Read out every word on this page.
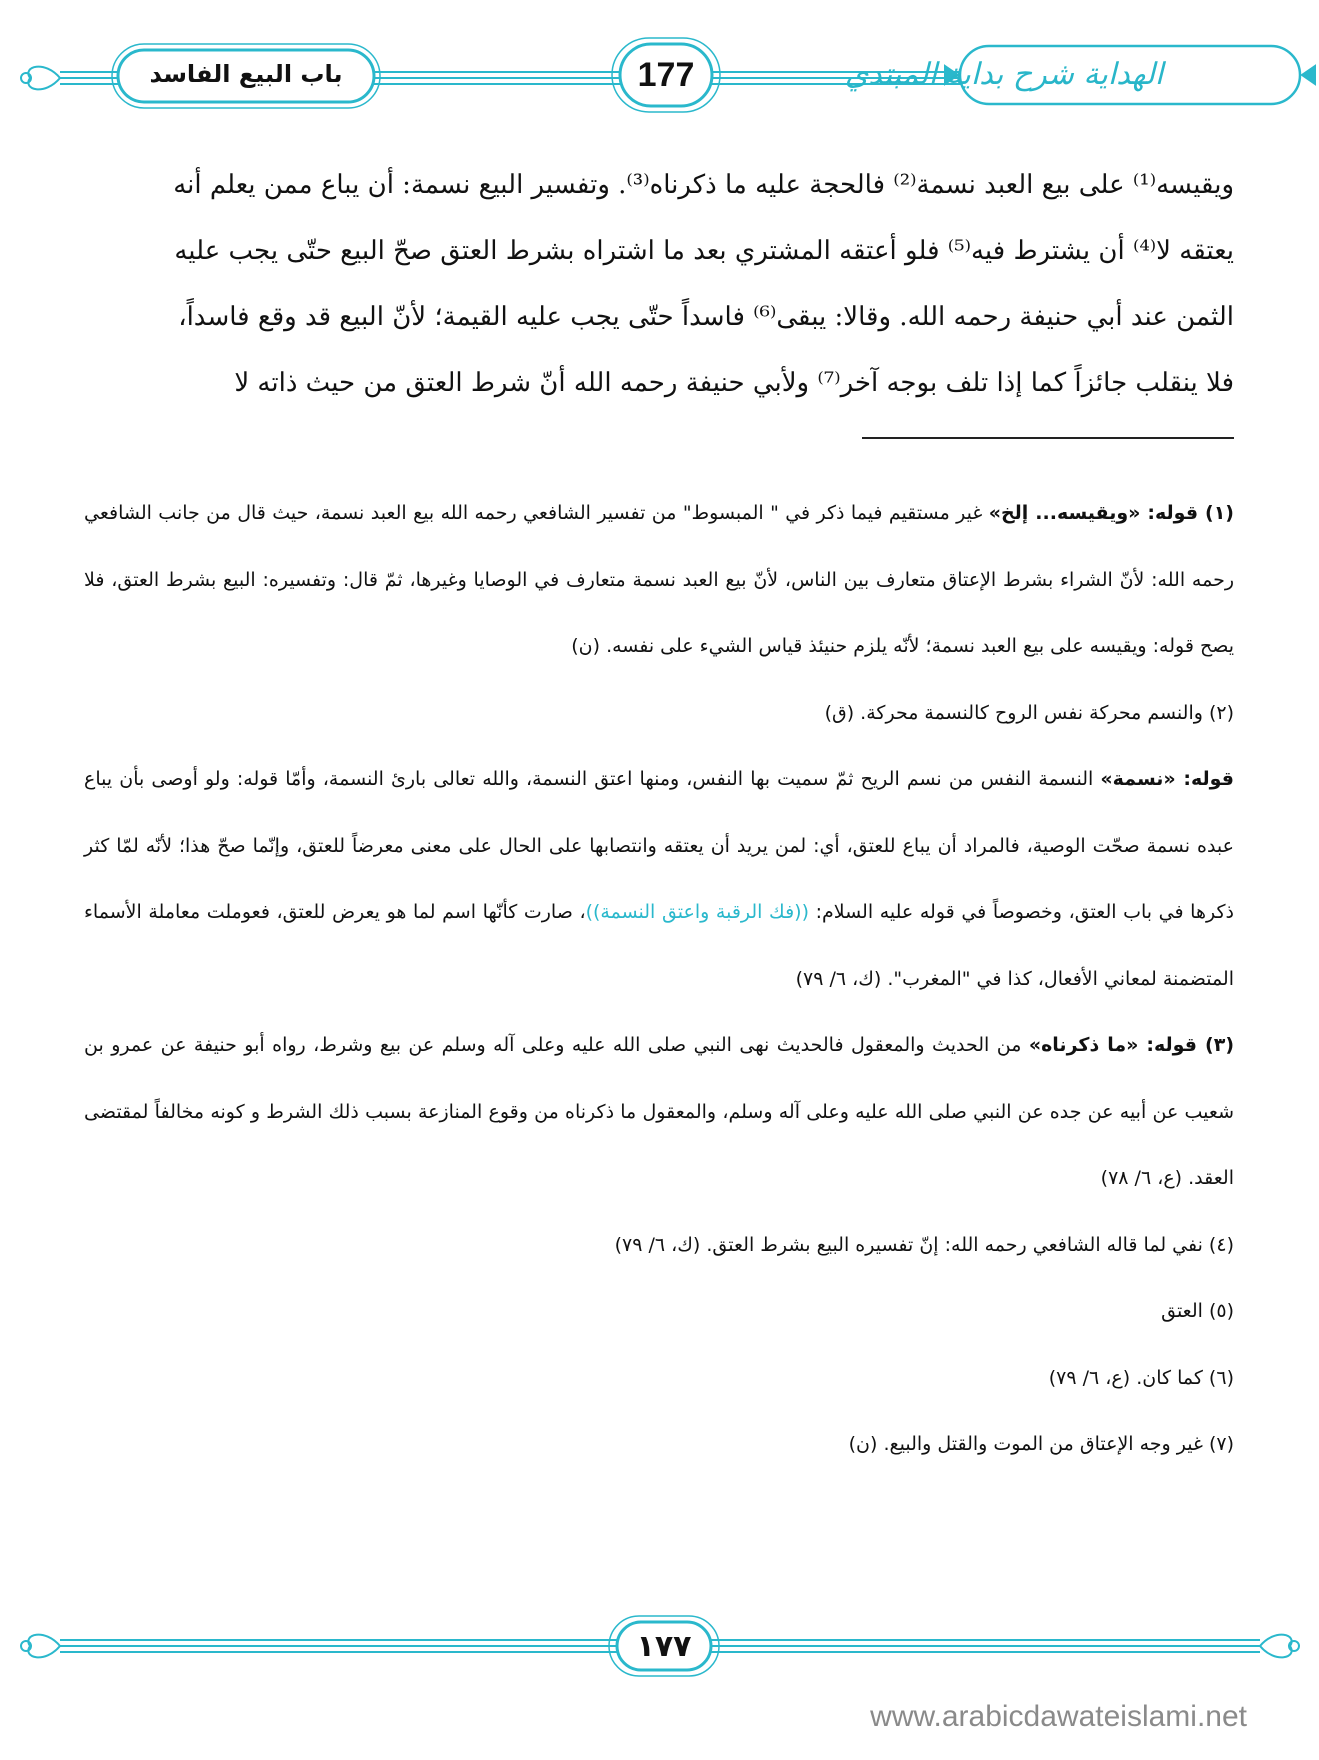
الهداية شرح بداية المبتدي
177
باب البيع الفاسد

ويقيسه⁽¹⁾ على بيع العبد نسمة⁽²⁾ فالحجة عليه ما ذكرناه⁽³⁾. وتفسير البيع نسمة: أن يباع ممن يعلم أنه

يعتقه لا⁽⁴⁾ أن يشترط فيه⁽⁵⁾ فلو أعتقه المشتري بعد ما اشتراه بشرط العتق صحّ البيع حتّى يجب عليه

الثمن عند أبي حنيفة رحمه الله. وقالا: يبقى⁽⁶⁾ فاسداً حتّى يجب عليه القيمة؛ لأنّ البيع قد وقع فاسداً،

فلا ينقلب جائزاً كما إذا تلف بوجه آخر⁽⁷⁾ ولأبي حنيفة رحمه الله أنّ شرط العتق من حيث ذاته لا

(١) قوله: «ويقيسه... إلخ» غير مستقيم فيما ذكر في " المبسوط" من تفسير الشافعي رحمه الله بيع العبد نسمة، حيث قال من جانب الشافعي رحمه الله: لأنّ الشراء بشرط الإعتاق متعارف بين الناس، لأنّ بيع العبد نسمة متعارف في الوصايا وغيرها، ثمّ قال: وتفسيره: البيع بشرط العتق، فلا يصح قوله: ويقيسه على بيع العبد نسمة؛ لأنّه يلزم حنيئذ قياس الشيء على نفسه. (ن)

(٢) والنسم محركة نفس الروح كالنسمة محركة. (ق)

قوله: «نسمة» النسمة النفس من نسم الريح ثمّ سميت بها النفس، ومنها اعتق النسمة، والله تعالى بارئ النسمة، وأمّا قوله: ولو أوصى بأن يباع عبده نسمة صحّت الوصية، فالمراد أن يباع للعتق، أي: لمن يريد أن يعتقه وانتصابها على الحال على معنى معرضاً للعتق، وإنّما صحّ هذا؛ لأنّه لمّا كثر ذكرها في باب العتق، وخصوصاً في قوله عليه السلام: ((فك الرقبة واعتق النسمة))، صارت كأنّها اسم لما هو يعرض للعتق، فعوملت معاملة الأسماء المتضمنة لمعاني الأفعال، كذا في "المغرب". (ك، ٦/ ٧٩)

(٣) قوله: «ما ذكرناه» من الحديث والمعقول فالحديث نهى النبي صلى الله عليه وعلى آله وسلم عن بيع وشرط، رواه أبو حنيفة عن عمرو بن شعيب عن أبيه عن جده عن النبي صلى الله عليه وعلى آله وسلم، والمعقول ما ذكرناه من وقوع المنازعة بسبب ذلك الشرط و كونه مخالفاً لمقتضى العقد. (ع، ٦/ ٧٨)

(٤) نفي لما قاله الشافعي رحمه الله: إنّ تفسيره البيع بشرط العتق. (ك، ٦/ ٧٩)

(٥) العتق

(٦) كما كان. (ع، ٦/ ٧٩)

(٧) غير وجه الإعتاق من الموت والقتل والبيع. (ن)

١٧٧
www.arabicdawateislami.net
